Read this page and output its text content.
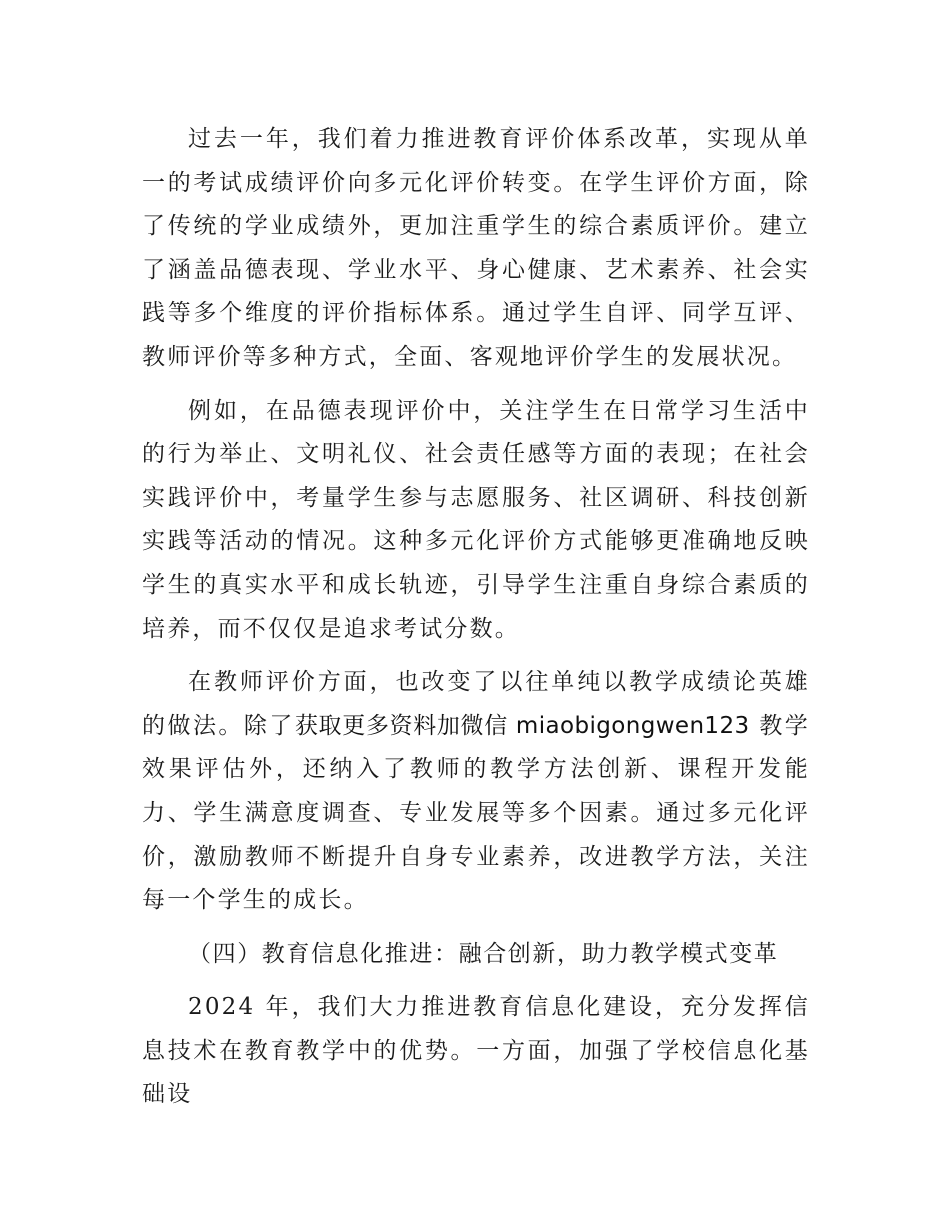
过去一年，我们着力推进教育评价体系改革，实现从单一的考试成绩评价向多元化评价转变。在学生评价方面，除了传统的学业成绩外，更加注重学生的综合素质评价。建立了涵盖品德表现、学业水平、身心健康、艺术素养、社会实践等多个维度的评价指标体系。通过学生自评、同学互评、教师评价等多种方式，全面、客观地评价学生的发展状况。

例如，在品德表现评价中，关注学生在日常学习生活中的行为举止、文明礼仪、社会责任感等方面的表现；在社会实践评价中，考量学生参与志愿服务、社区调研、科技创新实践等活动的情况。这种多元化评价方式能够更准确地反映学生的真实水平和成长轨迹，引导学生注重自身综合素质的培养，而不仅仅是追求考试分数。

在教师评价方面，也改变了以往单纯以教学成绩论英雄的做法。除了获取更多资料加微信 miaobigongwen123 教学效果评估外，还纳入了教师的教学方法创新、课程开发能力、学生满意度调查、专业发展等多个因素。通过多元化评价，激励教师不断提升自身专业素养，改进教学方法，关注每一个学生的成长。

（四）教育信息化推进：融合创新，助力教学模式变革

2024 年，我们大力推进教育信息化建设，充分发挥信息技术在教育教学中的优势。一方面，加强了学校信息化基础设
